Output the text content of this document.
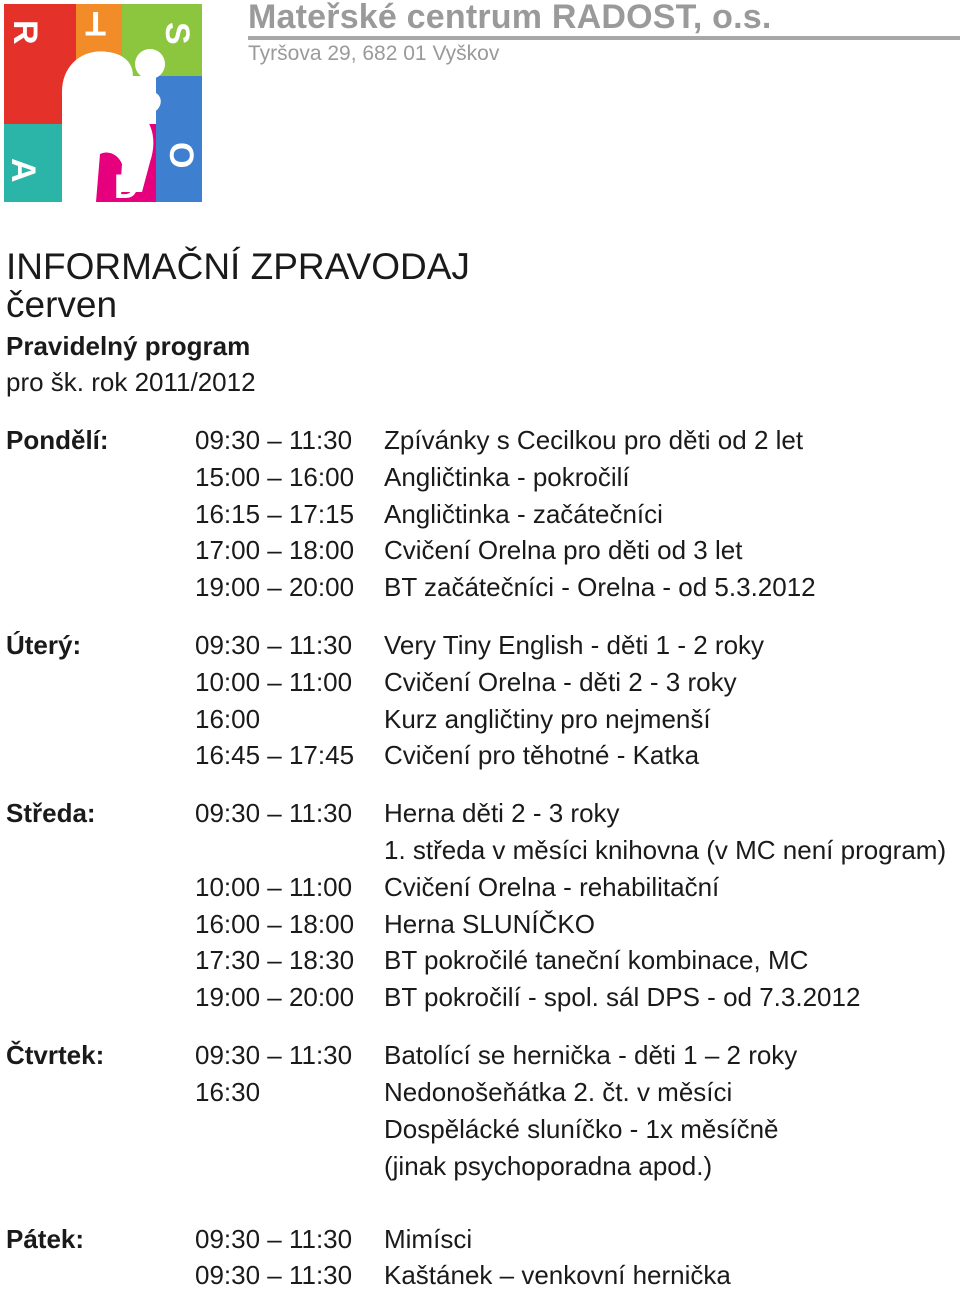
R T S
A D
O
Mateřské centrum RADOST, o.s.
Tyršova 29, 682 01 Vyškov
INFORMAČNÍ ZPRAVODAJ
červen
Pravidelný program
pro šk. rok 2011/2012
Pondělí:	09:30 – 11:30 Zpívánky s Cecilkou pro děti od 2 let
15:00 – 16:00 Angličtinka - pokročilí
16:15 – 17:15 Angličtinka - začátečníci
17:00 – 18:00 Cvičení Orelna pro děti od 3 let
19:00 – 20:00 BT začátečníci - Orelna - od 5.3.2012
Úterý:	09:30 – 11:30 Very Tiny English - děti 1 - 2 roky
10:00 – 11:00 Cvičení Orelna - děti 2 - 3 roky
16:00	Kurz angličtiny pro nejmenší
16:45 – 17:45 Cvičení pro těhotné - Katka
Středa:	09:30 – 11:30 Herna děti 2 - 3 roky
1. středa v měsíci knihovna (v MC není program)
10:00 – 11:00 Cvičení Orelna - rehabilitační
16:00 – 18:00 Herna SLUNÍČKO
17:30 – 18:30 BT pokročilé taneční kombinace, MC
19:00 – 20:00 BT pokročilí - spol. sál DPS - od 7.3.2012
Čtvrtek:	09:30 – 11:30 Batolící se hernička - děti 1 – 2 roky
16:30	Nedonošeňátka 2. čt. v měsíci
Dospělácké sluníčko - 1x měsíčně
(jinak psychoporadna apod.)
Pátek:	09:30 – 11:30 Mimísci
09:30 – 11:30 Kaštánek – venkovní hernička
